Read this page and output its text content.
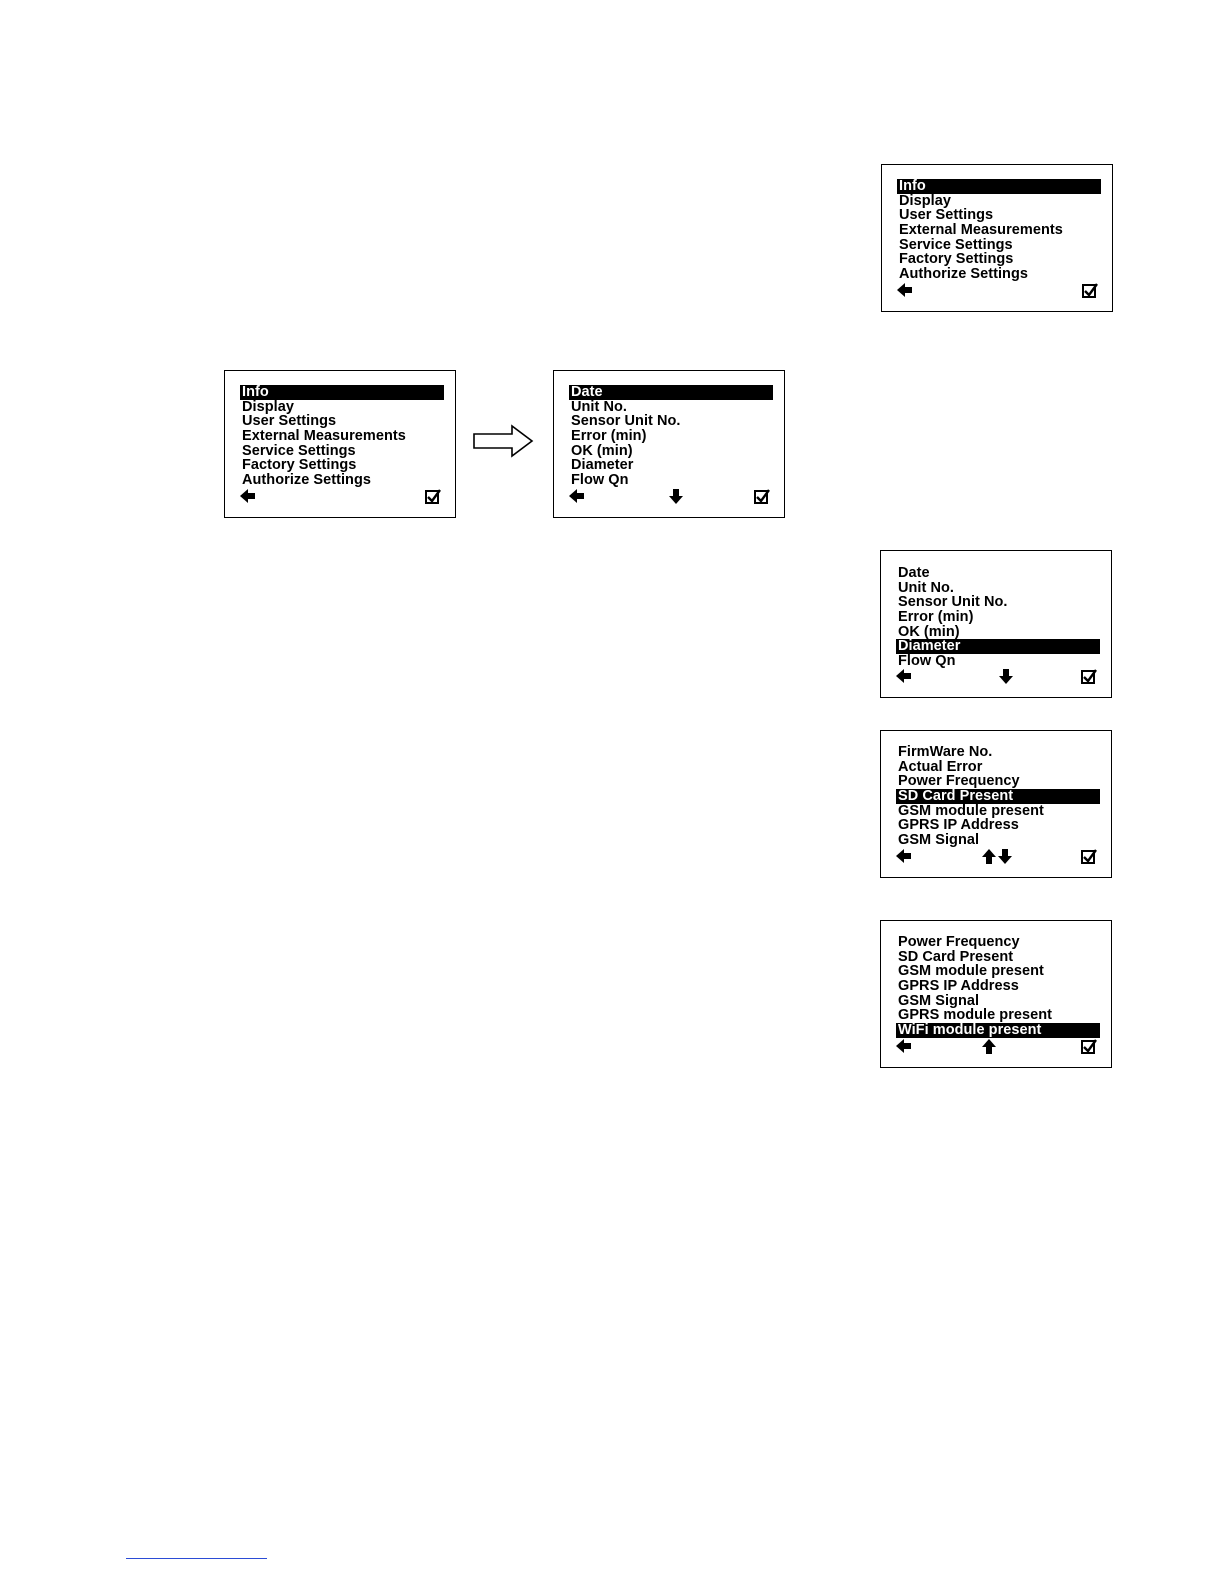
Info
Display
User Settings
External Measurements
Service Settings
Factory Settings
Authorize Settings
Info
Display
User Settings
External Measurements
Service Settings
Factory Settings
Authorize Settings
Date
Unit No.
Sensor Unit No.
Error (min)
OK (min)
Diameter
Flow Qn
Date
Unit No.
Sensor Unit No.
Error (min)
OK (min)
Diameter
Flow Qn
FirmWare No.
Actual Error
Power Frequency
SD Card Present
GSM module present
GPRS IP Address
GSM Signal
Power Frequency
SD Card Present
GSM module present
GPRS IP Address
GSM Signal
GPRS module present
WiFi module present
